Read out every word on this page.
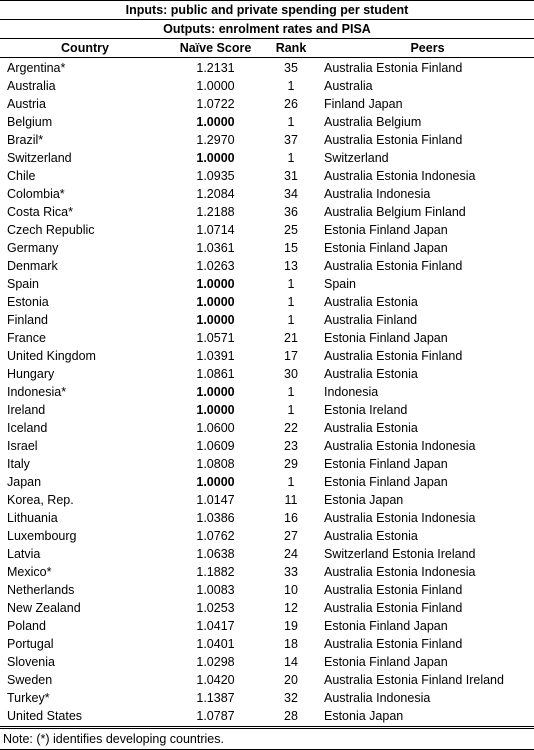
Inputs: public and private spending per student
Outputs: enrolment rates and PISA
Country	Naïve Score	Rank	Peers
Argentina*	1.2131	35	Australia Estonia Finland
Australia	1.0000	1	Australia
Austria	1.0722	26	Finland Japan
Belgium	1.0000	1	Australia Belgium
Brazil*	1.2970	37	Australia Estonia Finland
Switzerland	1.0000	1	Switzerland
Chile	1.0935	31	Australia Estonia Indonesia
Colombia*	1.2084	34	Australia Indonesia
Costa Rica*	1.2188	36	Australia Belgium Finland
Czech Republic	1.0714	25	Estonia Finland Japan
Germany	1.0361	15	Estonia Finland Japan
Denmark	1.0263	13	Australia Estonia Finland
Spain	1.0000	1	Spain
Estonia	1.0000	1	Australia Estonia
Finland	1.0000	1	Australia Finland
France	1.0571	21	Estonia Finland Japan
United Kingdom	1.0391	17	Australia Estonia Finland
Hungary	1.0861	30	Australia Estonia
Indonesia*	1.0000	1	Indonesia
Ireland	1.0000	1	Estonia Ireland
Iceland	1.0600	22	Australia Estonia
Israel	1.0609	23	Australia Estonia Indonesia
Italy	1.0808	29	Estonia Finland Japan
Japan	1.0000	1	Estonia Finland Japan
Korea, Rep.	1.0147	11	Estonia Japan
Lithuania	1.0386	16	Australia Estonia Indonesia
Luxembourg	1.0762	27	Australia Estonia
Latvia	1.0638	24	Switzerland Estonia Ireland
Mexico*	1.1882	33	Australia Estonia Indonesia
Netherlands	1.0083	10	Australia Estonia Finland
New Zealand	1.0253	12	Australia Estonia Finland
Poland	1.0417	19	Estonia Finland Japan
Portugal	1.0401	18	Australia Estonia Finland
Slovenia	1.0298	14	Estonia Finland Japan
Sweden	1.0420	20	Australia Estonia Finland Ireland
Turkey*	1.1387	32	Australia Indonesia
United States	1.0787	28	Estonia Japan
Note: (*) identifies developing countries.
